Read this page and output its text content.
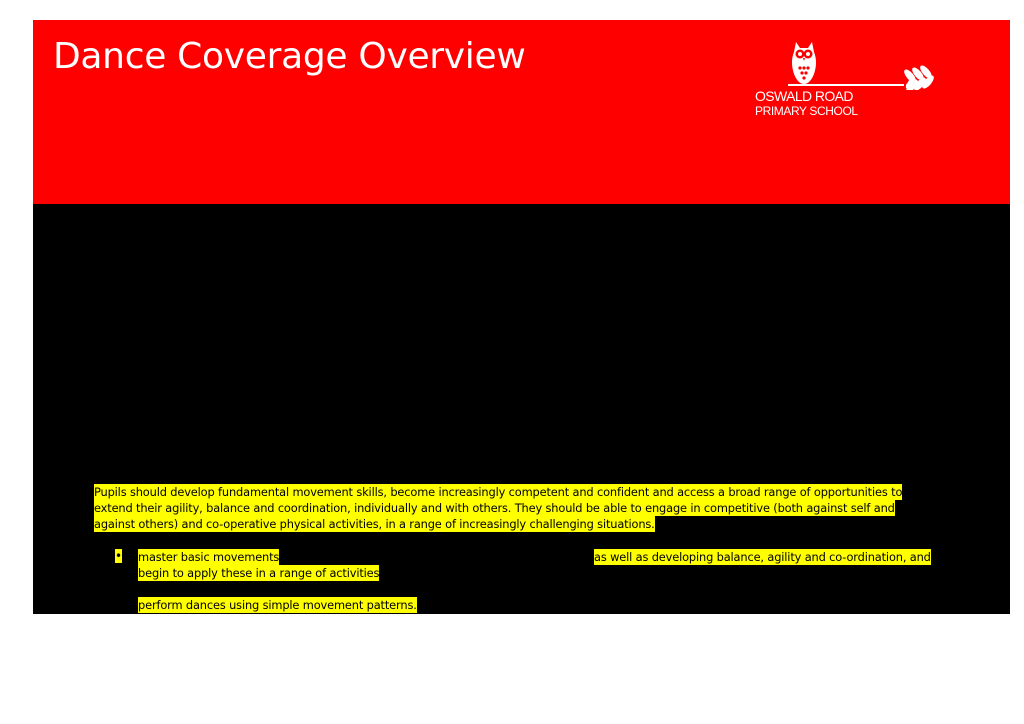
Dance Coverage Overview
OSWALD ROAD
PRIMARY SCHOOL
Pupils should develop fundamental movement skills, become increasingly competent and confident and access a broad range of opportunities to
extend their agility, balance and coordination, individually and with others. They should be able to engage in competitive (both against self and
against others) and co-operative physical activities, in a range of increasingly challenging situations.
• master basic movements	as well as developing balance, agility and co-ordination, and
begin to apply these in a range of activities
perform dances using simple movement patterns.
